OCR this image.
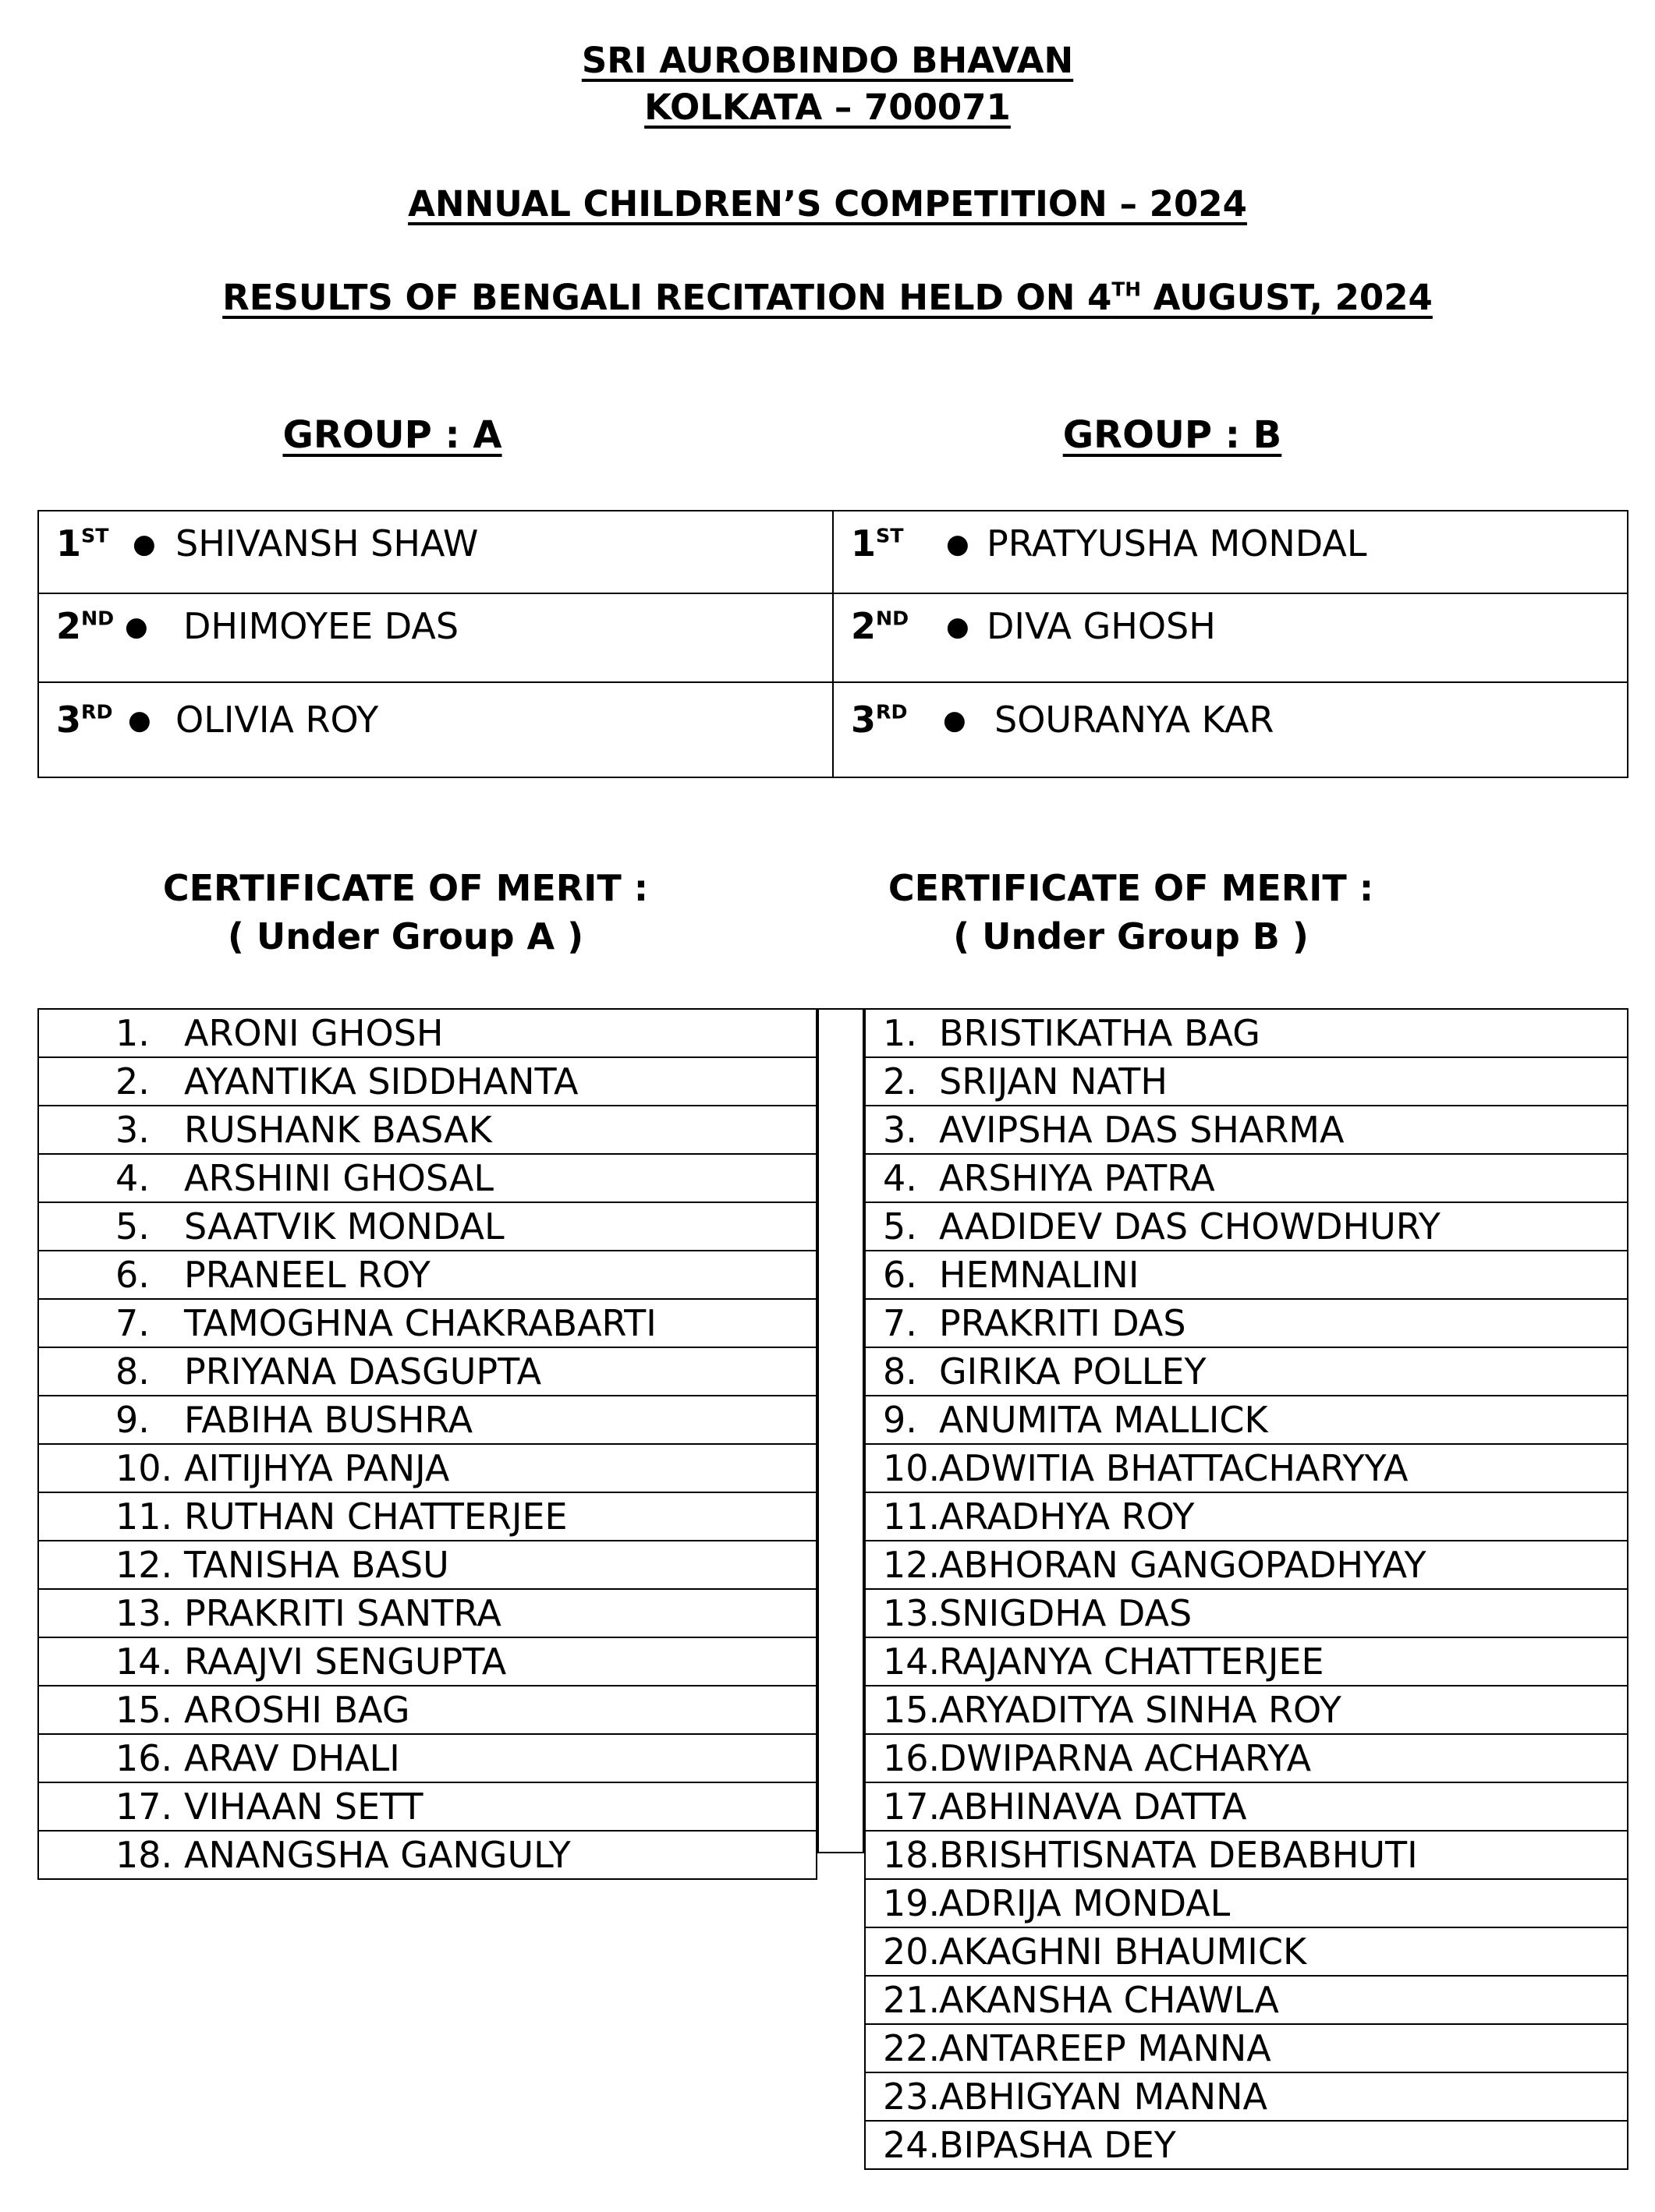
SRI AUROBINDO BHAVAN
KOLKATA – 700071
ANNUAL CHILDREN’S COMPETITION – 2024
RESULTS OF BENGALI RECITATION HELD ON 4TH AUGUST, 2024
GROUP : A	GROUP : B
1ST ● SHIVANSH SHAW	1ST ● PRATYUSHA MONDAL

2ND ● DHIMOYEE DAS	2ND ● DIVA GHOSH

3RD ● OLIVIA ROY	3RD ● SOURANYA KAR
CERTIFICATE OF MERIT :
( Under Group A )
CERTIFICATE OF MERIT :
( Under Group B )
1. ARONI GHOSH
2. AYANTIKA SIDDHANTA
3. RUSHANK BASAK
4. ARSHINI GHOSAL
5. SAATVIK MONDAL
6. PRANEEL ROY
7. TAMOGHNA CHAKRABARTI
8. PRIYANA DASGUPTA
9. FABIHA BUSHRA
10. AITIJHYA PANJA
11. RUTHAN CHATTERJEE
12. TANISHA BASU
13. PRAKRITI SANTRA
14. RAAJVI SENGUPTA
15. AROSHI BAG
16. ARAV DHALI
17. VIHAAN SETT
18. ANANGSHA GANGULY

1. BRISTIKATHA BAG
2. SRIJAN NATH
3. AVIPSHA DAS SHARMA
4. ARSHIYA PATRA
5. AADIDEV DAS CHOWDHURY
6. HEMNALINI
7. PRAKRITI DAS
8. GIRIKA POLLEY
9. ANUMITA MALLICK
10.ADWITIA BHATTACHARYYA
11.ARADHYA ROY
12.ABHORAN GANGOPADHYAY
13.SNIGDHA DAS
14.RAJANYA CHATTERJEE
15.ARYADITYA SINHA ROY
16.DWIPARNA ACHARYA
17.ABHINAVA DATTA
18.BRISHTISNATA DEBABHUTI
19.ADRIJA MONDAL
20.AKAGHNI BHAUMICK
21.AKANSHA CHAWLA
22.ANTAREEP MANNA
23.ABHIGYAN MANNA
24.BIPASHA DEY
